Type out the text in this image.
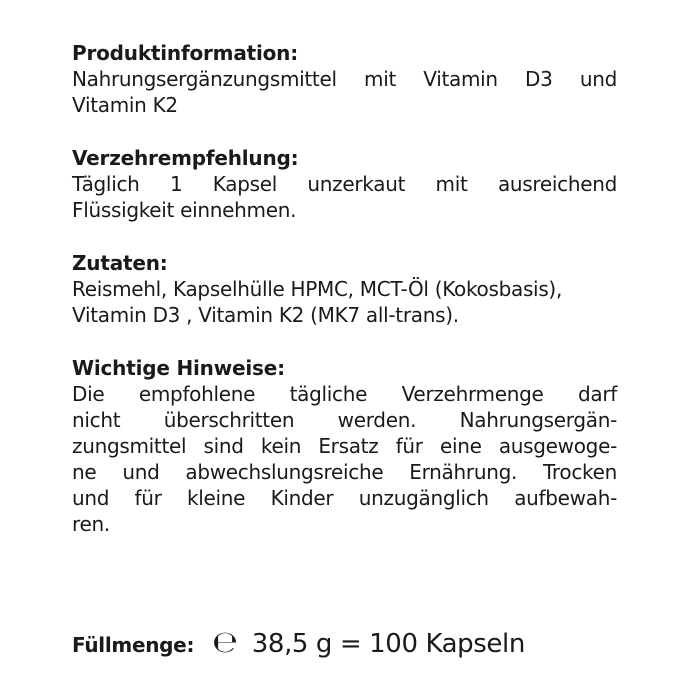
Produktinformation:

Nahrungsergänzungsmittel mit Vitamin D3 und
Vitamin K2

Verzehrempfehlung:

Täglich 1 Kapsel unzerkaut mit ausreichend
Flüssigkeit einnehmen.

Zutaten:

Reismehl, Kapselhülle HPMC, MCT-Öl (Kokosbasis),
Vitamin D3 , Vitamin K2 (MK7 all-trans).

Wichtige Hinweise:

Die empfohlene tägliche Verzehrmenge darf
nicht überschritten werden. Nahrungsergän-
zungsmittel sind kein Ersatz für eine ausgewoge-
ne und abwechslungsreiche Ernährung. Trocken
und für kleine Kinder unzugänglich aufbewah-
ren.

Füllmenge: ℮ 38,5 g = 100 Kapseln
